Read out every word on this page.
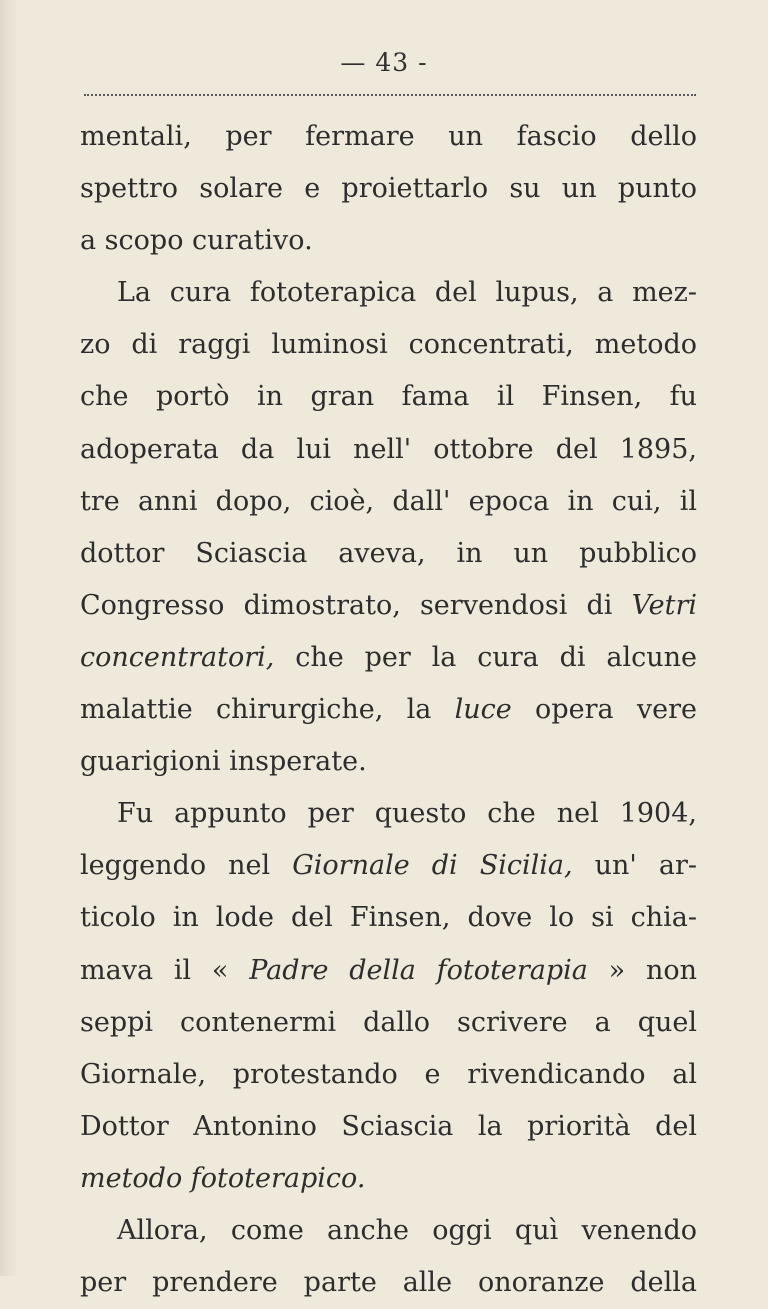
— 43 -
mentali, per fermare un fascio dello
spettro solare e proiettarlo su un punto
a scopo curativo.
La cura fototerapica del lupus, a mez-
zo di raggi luminosi concentrati, metodo
che portò in gran fama il Finsen, fu
adoperata da lui nell' ottobre del 1895,
tre anni dopo, cioè, dall' epoca in cui, il
dottor Sciascia aveva, in un pubblico
Congresso dimostrato, servendosi di Vetri
concentratori, che per la cura di alcune
malattie chirurgiche, la luce opera vere
guarigioni insperate.
Fu appunto per questo che nel 1904,
leggendo nel Giornale di Sicilia, un' ar-
ticolo in lode del Finsen, dove lo si chia-
mava il « Padre della fototerapia » non
seppi contenermi dallo scrivere a quel
Giornale, protestando e rivendicando al
Dottor Antonino Sciascia la priorità del
metodo fototerapico.
Allora, come anche oggi quì venendo
per prendere parte alle onoranze della
